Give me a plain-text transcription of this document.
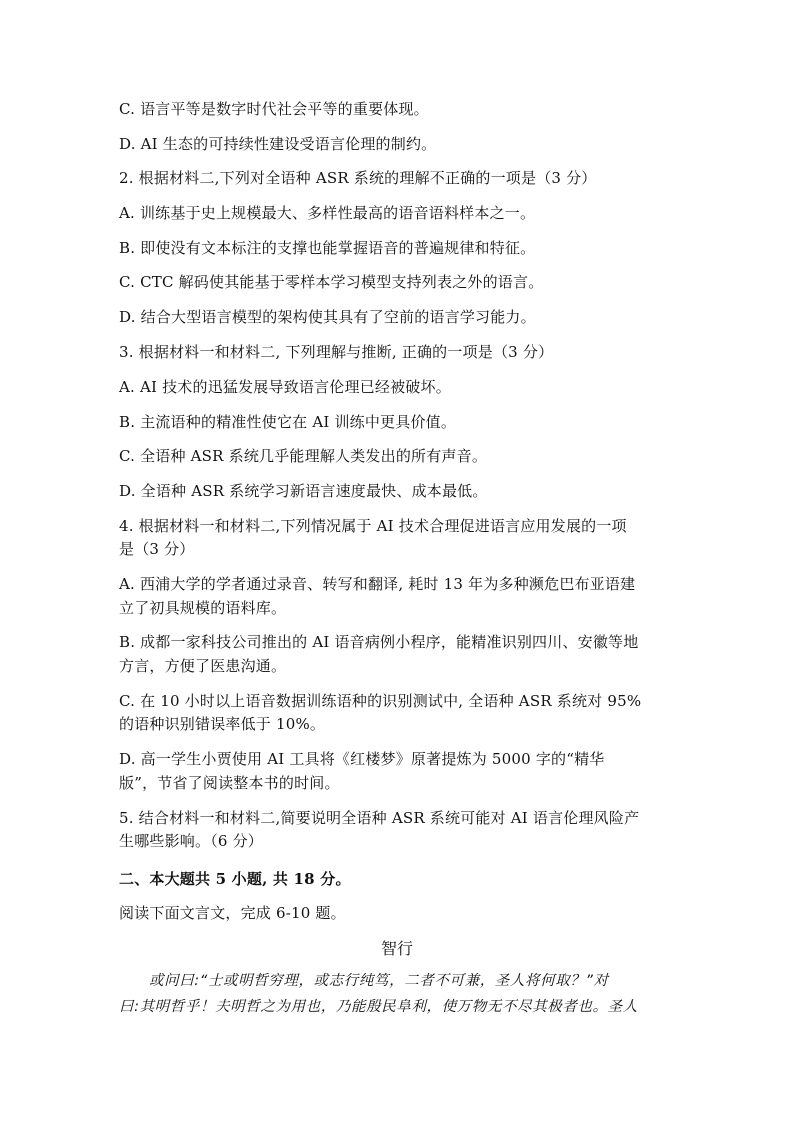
C. 语言平等是数字时代社会平等的重要体现。
D. AI 生态的可持续性建设受语言伦理的制约。
2. 根据材料二,下列对全语种 ASR 系统的理解不正确的一项是（3 分）
A. 训练基于史上规模最大、多样性最高的语音语料样本之一。
B. 即使没有文本标注的支撑也能掌握语音的普遍规律和特征。
C. CTC 解码使其能基于零样本学习模型支持列表之外的语言。
D. 结合大型语言模型的架构使其具有了空前的语言学习能力。
3. 根据材料一和材料二, 下列理解与推断, 正确的一项是（3 分）
A. AI 技术的迅猛发展导致语言伦理已经被破坏。
B. 主流语种的精准性使它在 AI 训练中更具价值。
C. 全语种 ASR 系统几乎能理解人类发出的所有声音。
D. 全语种 ASR 系统学习新语言速度最快、成本最低。
4. 根据材料一和材料二,下列情况属于 AI 技术合理促进语言应用发展的一项
是（3 分）
A. 西浦大学的学者通过录音、转写和翻译, 耗时 13 年为多种濒危巴布亚语建
立了初具规模的语料库。
B. 成都一家科技公司推出的 AI 语音病例小程序，能精准识别四川、安徽等地
方言，方便了医患沟通。
C. 在 10 小时以上语音数据训练语种的识别测试中, 全语种 ASR 系统对 95%
的语种识别错误率低于 10%。
D. 高一学生小贾使用 AI 工具将《红楼梦》原著提炼为 5000 字的“精华
版”，节省了阅读整本书的时间。
5. 结合材料一和材料二,简要说明全语种 ASR 系统可能对 AI 语言伦理风险产
生哪些影响。（6 分）
二、本大题共 5 小题, 共 18 分。
阅读下面文言文，完成 6-10 题。
智行
或问曰:“士或明哲穷理，或志行纯笃，二者不可兼，圣人将何取？”对
曰:其明哲乎！夫明哲之为用也，乃能殷民阜利，使万物无不尽其极者也。圣人
